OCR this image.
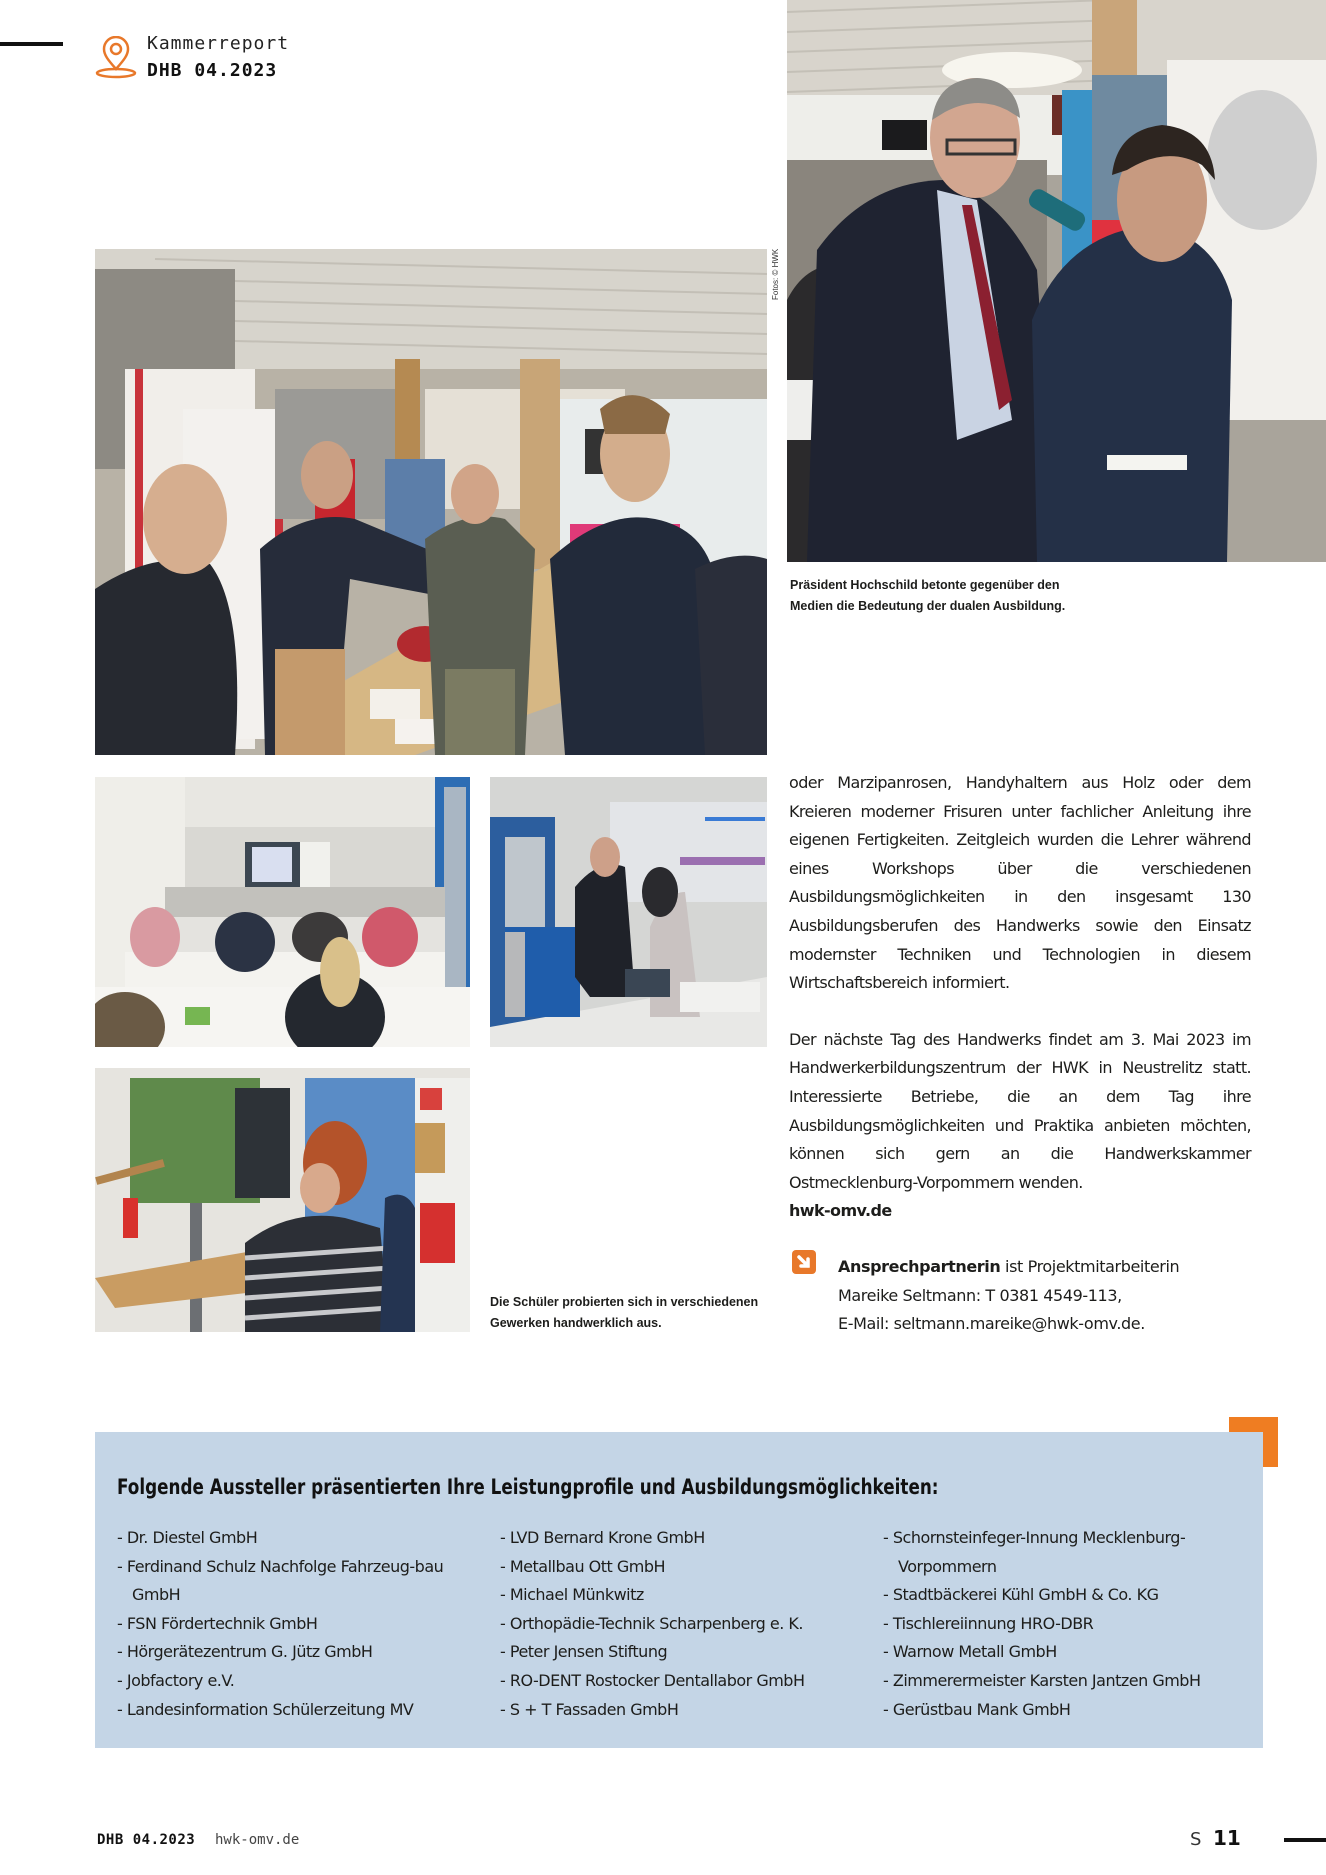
Kammerreport
DHB 04.2023
Fotos: © HWK
Präsident Hochschild betonte gegenüber den Medien die Bedeutung der dualen Ausbildung.
Die Schüler probierten sich in verschiedenen Gewerken handwerklich aus.

oder Marzipanrosen, Handyhaltern aus Holz oder dem Kreieren moderner Frisuren unter fachlicher Anleitung ihre eigenen Fertigkeiten. Zeitgleich wurden die Lehrer während eines Workshops über die verschiedenen Ausbildungsmöglichkeiten in den insgesamt 130 Ausbildungsberufen des Handwerks sowie den Einsatz modernster Techniken und Technologien in diesem Wirtschaftsbereich informiert.

Der nächste Tag des Handwerks findet am 3. Mai 2023 im Handwerkerbildungszentrum der HWK in Neustrelitz statt. Interessierte Betriebe, die an dem Tag ihre Ausbildungsmöglichkeiten und Praktika anbieten möchten, können sich gern an die Handwerkskammer Ostmecklenburg-Vorpommern wenden.

hwk-omv.de
Ansprechpartnerin ist Projektmitarbeiterin
Mareike Seltmann: T 0381 4549-113,
E-Mail: seltmann.mareike@hwk-omv.de.
Folgende Aussteller präsentierten Ihre Leistungprofile und Ausbildungsmöglichkeiten:
- Dr. Diestel GmbH
- Ferdinand Schulz Nachfolge Fahrzeug-bau GmbH
- FSN Fördertechnik GmbH
- Hörgerätezentrum G. Jütz GmbH
- Jobfactory e.V.
- Landesinformation Schülerzeitung MV
- LVD Bernard Krone GmbH
- Metallbau Ott GmbH
- Michael Münkwitz
- Orthopädie-Technik Scharpenberg e. K.
- Peter Jensen Stiftung
- RO-DENT Rostocker Dentallabor GmbH
- S + T Fassaden GmbH
- Schornsteinfeger-Innung Mecklenburg-Vorpommern
- Stadtbäckerei Kühl GmbH & Co. KG
- Tischlereiinnung HRO-DBR
- Warnow Metall GmbH
- Zimmerermeister Karsten Jantzen GmbH
- Gerüstbau Mank GmbH
DHB 04.2023 hwk-omv.de	S 11
